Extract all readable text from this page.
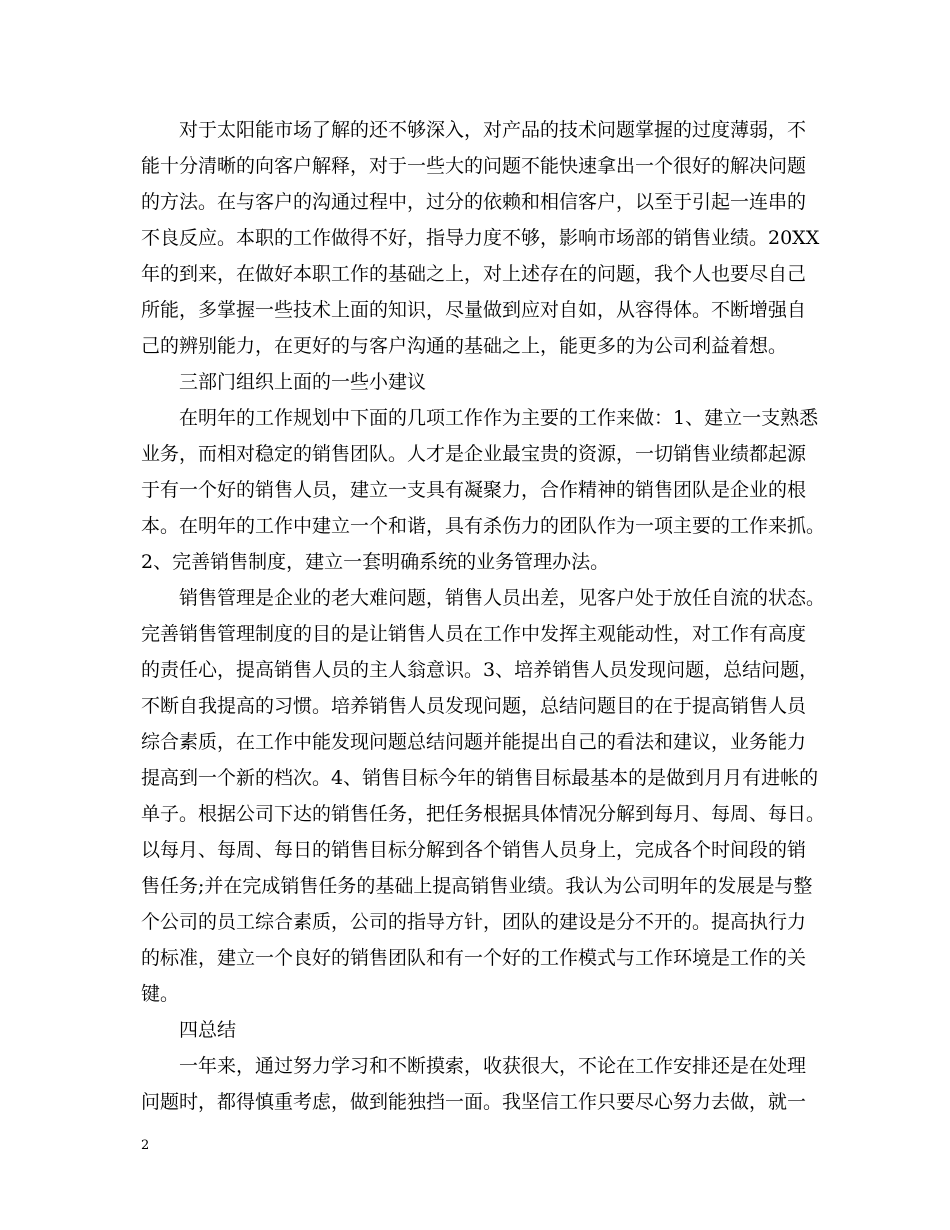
　　对于太阳能市场了解的还不够深入，对产品的技术问题掌握的过度薄弱，不
能十分清晰的向客户解释，对于一些大的问题不能快速拿出一个很好的解决问题
的方法。在与客户的沟通过程中，过分的依赖和相信客户，以至于引起一连串的
不良反应。本职的工作做得不好，指导力度不够，影响市场部的销售业绩。20XX
年的到来，在做好本职工作的基础之上，对上述存在的问题，我个人也要尽自己
所能，多掌握一些技术上面的知识，尽量做到应对自如，从容得体。不断增强自
己的辨别能力，在更好的与客户沟通的基础之上，能更多的为公司利益着想。
　　三部门组织上面的一些小建议
　　在明年的工作规划中下面的几项工作作为主要的工作来做：1、建立一支熟悉
业务，而相对稳定的销售团队。人才是企业最宝贵的资源，一切销售业绩都起源
于有一个好的销售人员，建立一支具有凝聚力，合作精神的销售团队是企业的根
本。在明年的工作中建立一个和谐，具有杀伤力的团队作为一项主要的工作来抓。
2、完善销售制度，建立一套明确系统的业务管理办法。
　　销售管理是企业的老大难问题，销售人员出差，见客户处于放任自流的状态。
完善销售管理制度的目的是让销售人员在工作中发挥主观能动性，对工作有高度
的责任心，提高销售人员的主人翁意识。3、培养销售人员发现问题，总结问题，
不断自我提高的习惯。培养销售人员发现问题，总结问题目的在于提高销售人员
综合素质，在工作中能发现问题总结问题并能提出自己的看法和建议，业务能力
提高到一个新的档次。4、销售目标今年的销售目标最基本的是做到月月有进帐的
单子。根据公司下达的销售任务，把任务根据具体情况分解到每月、每周、每日。
以每月、每周、每日的销售目标分解到各个销售人员身上，完成各个时间段的销
售任务;并在完成销售任务的基础上提高销售业绩。我认为公司明年的发展是与整
个公司的员工综合素质，公司的指导方针，团队的建设是分不开的。提高执行力
的标准，建立一个良好的销售团队和有一个好的工作模式与工作环境是工作的关
键。
　　四总结
　　一年来，通过努力学习和不断摸索，收获很大，不论在工作安排还是在处理
问题时，都得慎重考虑，做到能独挡一面。我坚信工作只要尽心努力去做，就一
2
